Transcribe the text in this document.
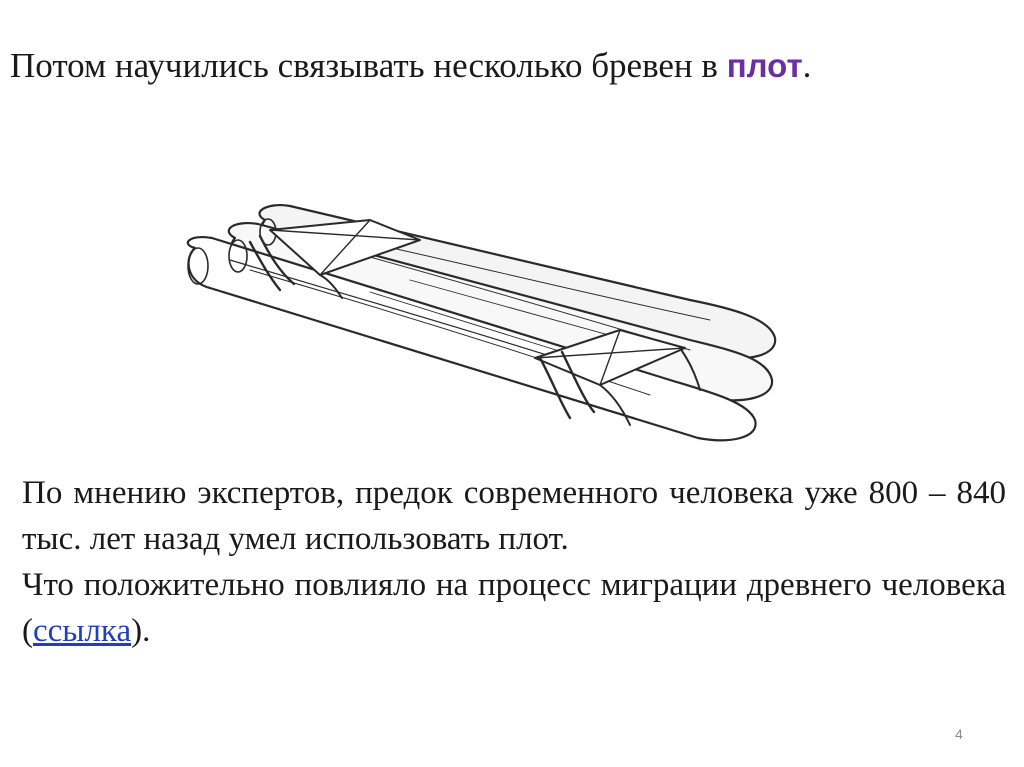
Потом научились связывать несколько бревен в плот.

По мнению экспертов, предок современного человека уже 800 – 840 тыс. лет назад умел использовать плот.

Что положительно повлияло на процесс миграции древнего человека (ссылка).

4
